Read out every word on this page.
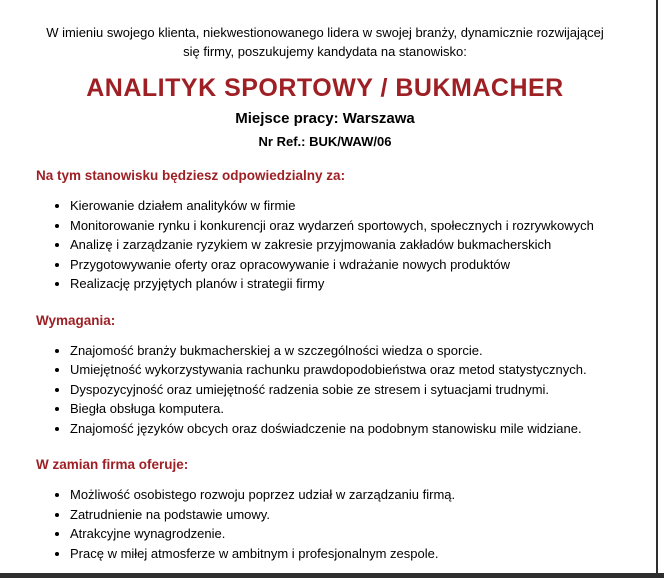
W imieniu swojego klienta, niekwestionowanego lidera w swojej branży, dynamicznie rozwijającej
się firmy, poszukujemy kandydata na stanowisko:
ANALITYK SPORTOWY / BUKMACHER
Miejsce pracy: Warszawa
Nr Ref.: BUK/WAW/06
Na tym stanowisku będziesz odpowiedzialny za:
• Kierowanie działem analityków w firmie
• Monitorowanie rynku i konkurencji oraz wydarzeń sportowych, społecznych i rozrywkowych
• Analizę i zarządzanie ryzykiem w zakresie przyjmowania zakładów bukmacherskich
• Przygotowywanie oferty oraz opracowywanie i wdrażanie nowych produktów
• Realizację przyjętych planów i strategii firmy
Wymagania:
• Znajomość branży bukmacherskiej a w szczególności wiedza o sporcie.
• Umiejętność wykorzystywania rachunku prawdopodobieństwa oraz metod statystycznych.
• Dyspozycyjność oraz umiejętność radzenia sobie ze stresem i sytuacjami trudnymi.
• Biegła obsługa komputera.
• Znajomość języków obcych oraz doświadczenie na podobnym stanowisku mile widziane.
W zamian firma oferuje:
• Możliwość osobistego rozwoju poprzez udział w zarządzaniu firmą.
• Zatrudnienie na podstawie umowy.
• Atrakcyjne wynagrodzenie.
• Pracę w miłej atmosferze w ambitnym i profesjonalnym zespole.
